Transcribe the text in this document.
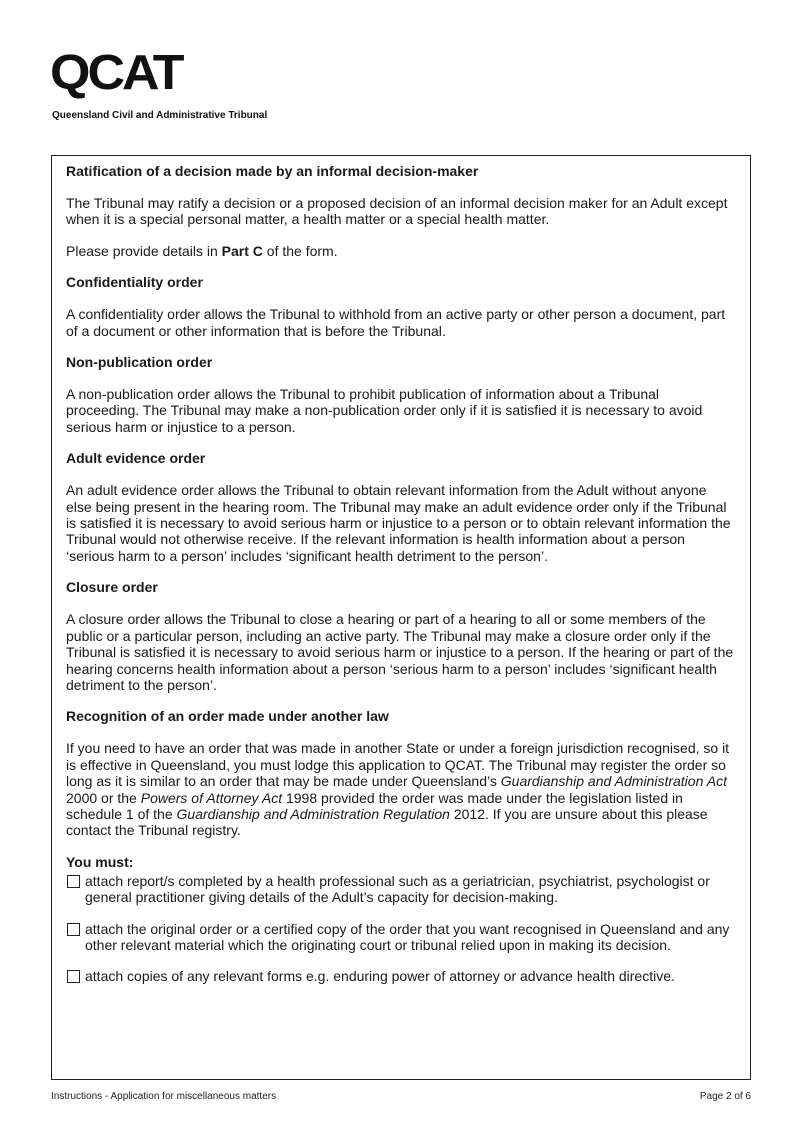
QCAT
Queensland Civil and Administrative Tribunal
Ratification of a decision made by an informal decision-maker
The Tribunal may ratify a decision or a proposed decision of an informal decision maker for an Adult except when it is a special personal matter, a health matter or a special health matter.
Please provide details in Part C of the form.
Confidentiality order
A confidentiality order allows the Tribunal to withhold from an active party or other person a document, part of a document or other information that is before the Tribunal.
Non-publication order
A non-publication order allows the Tribunal to prohibit publication of information about a Tribunal proceeding. The Tribunal may make a non-publication order only if it is satisfied it is necessary to avoid serious harm or injustice to a person.
Adult evidence order
An adult evidence order allows the Tribunal to obtain relevant information from the Adult without anyone else being present in the hearing room. The Tribunal may make an adult evidence order only if the Tribunal is satisfied it is necessary to avoid serious harm or injustice to a person or to obtain relevant information the Tribunal would not otherwise receive. If the relevant information is health information about a person ‘serious harm to a person’ includes ‘significant health detriment to the person’.
Closure order
A closure order allows the Tribunal to close a hearing or part of a hearing to all or some members of the public or a particular person, including an active party. The Tribunal may make a closure order only if the Tribunal is satisfied it is necessary to avoid serious harm or injustice to a person. If the hearing or part of the hearing concerns health information about a person ‘serious harm to a person’ includes ‘significant health detriment to the person’.
Recognition of an order made under another law
If you need to have an order that was made in another State or under a foreign jurisdiction recognised, so it is effective in Queensland, you must lodge this application to QCAT. The Tribunal may register the order so long as it is similar to an order that may be made under Queensland’s Guardianship and Administration Act 2000 or the Powers of Attorney Act 1998 provided the order was made under the legislation listed in schedule 1 of the Guardianship and Administration Regulation 2012. If you are unsure about this please contact the Tribunal registry.
You must:
attach report/s completed by a health professional such as a geriatrician, psychiatrist, psychologist or general practitioner giving details of the Adult’s capacity for decision-making.
attach the original order or a certified copy of the order that you want recognised in Queensland and any other relevant material which the originating court or tribunal relied upon in making its decision.
attach copies of any relevant forms e.g. enduring power of attorney or advance health directive.
Instructions - Application for miscellaneous matters	Page 2 of 6
